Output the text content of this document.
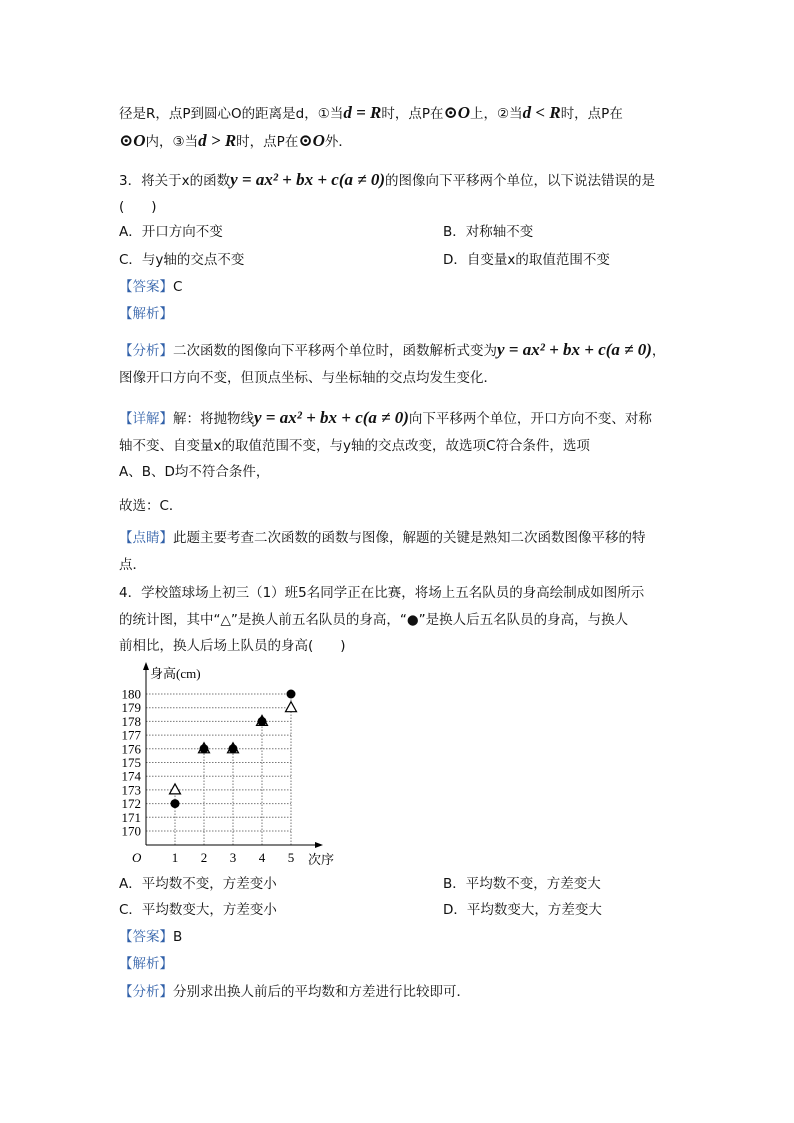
径是R，点P到圆心O的距离是d，①当d = R时，点P在⊙O上，②当d < R时，点P在
⊙O内，③当d > R时，点P在⊙O外．
3．将关于x的函数y = ax² + bx + c(a ≠ 0)的图像向下平移两个单位，以下说法错误的是
(　　)
A．开口方向不变	B．对称轴不变
C．与y轴的交点不变	D．自变量x的取值范围不变
【答案】C
【解析】
【分析】二次函数的图像向下平移两个单位时，函数解析式变为y = ax² + bx + c(a ≠ 0)，
图像开口方向不变，但顶点坐标、与坐标轴的交点均发生变化．
【详解】解：将抛物线y = ax² + bx + c(a ≠ 0)向下平移两个单位，开口方向不变、对称
轴不变、自变量x的取值范围不变，与y轴的交点改变，故选项C符合条件，选项
A、B、D均不符合条件，
故选：C．
【点睛】此题主要考查二次函数的函数与图像，解题的关键是熟知二次函数图像平移的特
点．
4．学校篮球场上初三（1）班5名同学正在比赛，将场上五名队员的身高绘制成如图所示
的统计图，其中“△”是换人前五名队员的身高，“●”是换人后五名队员的身高，与换人
前相比，换人后场上队员的身高(　　)
身高(cm)
次序
O
170
171
172
173
174
175
176
177
178
179
180
1 2 3 4 5
A．平均数不变，方差变小	B．平均数不变，方差变大
C．平均数变大，方差变小	D．平均数变大，方差变大
【答案】B
【解析】
【分析】分别求出换人前后的平均数和方差进行比较即可．
